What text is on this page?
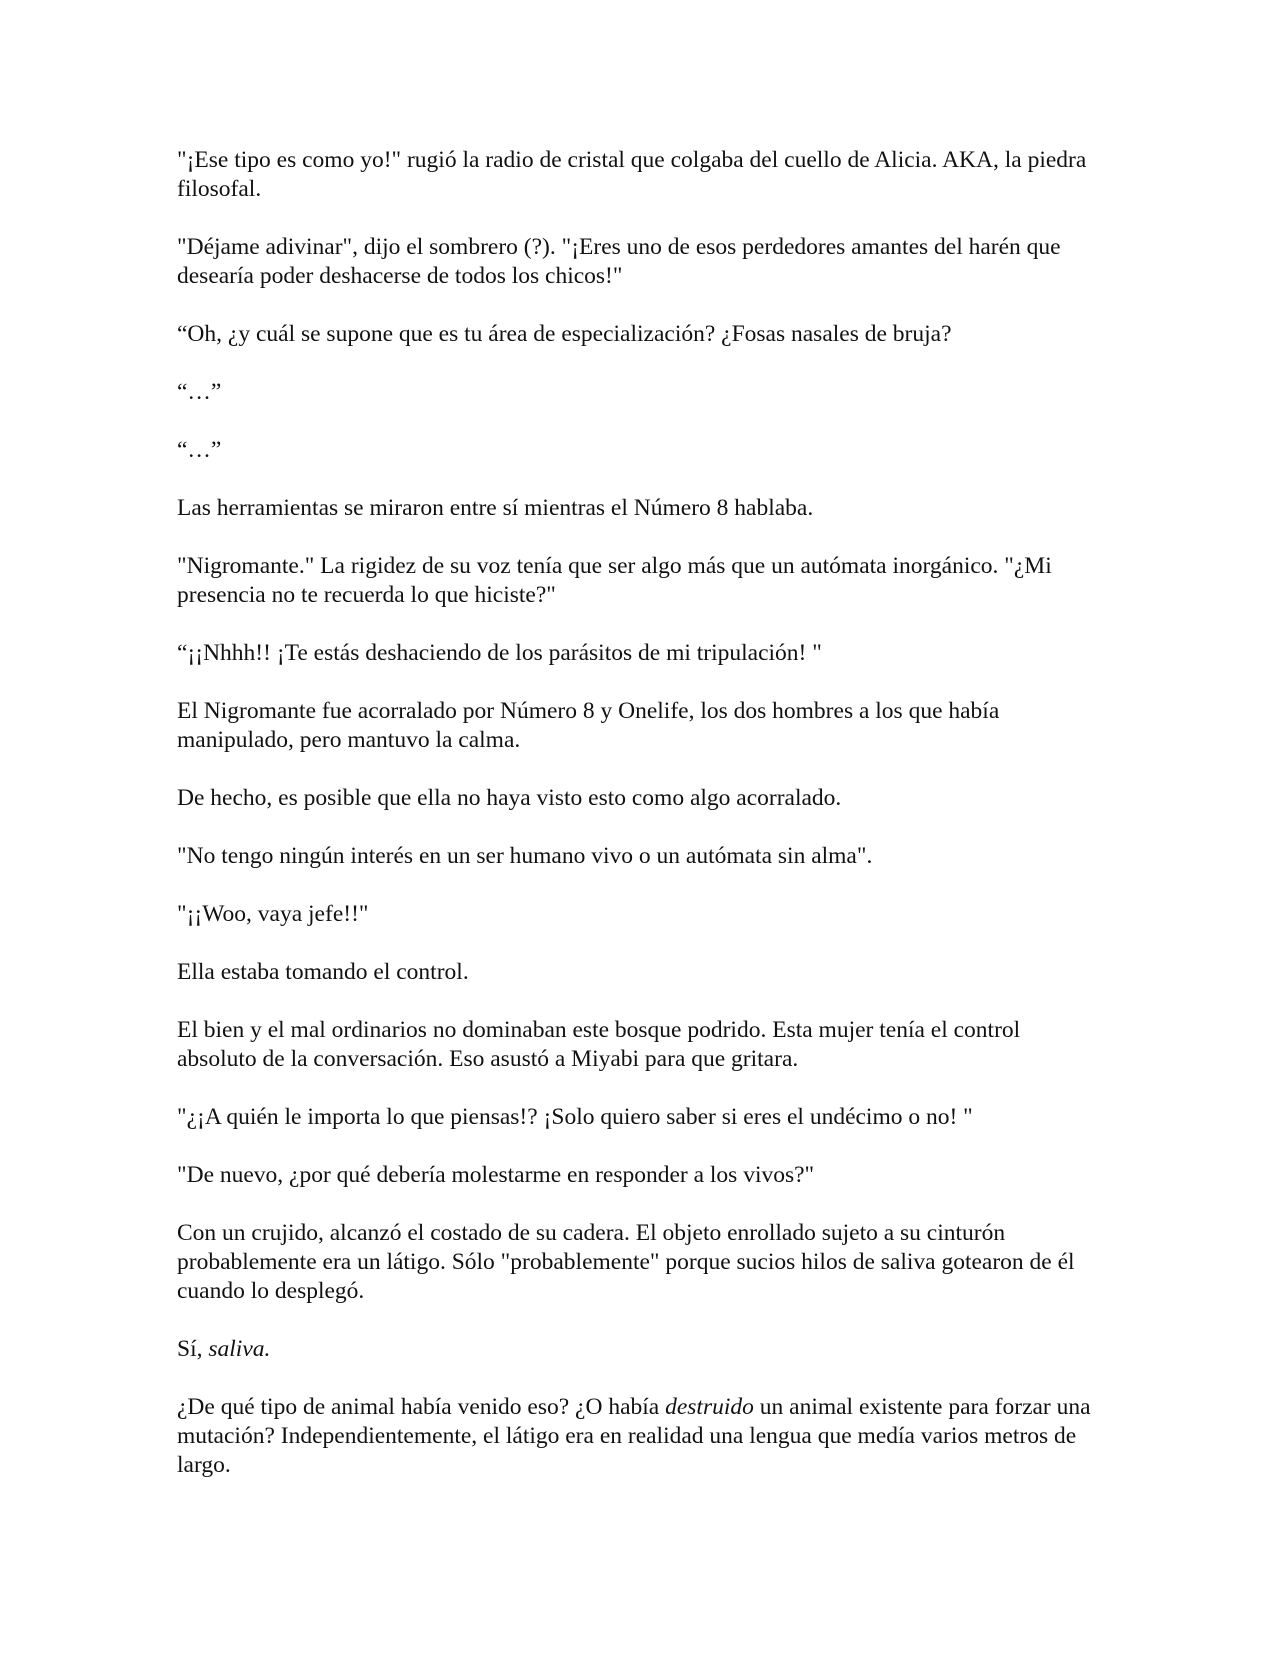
"¡Ese tipo es como yo!" rugió la radio de cristal que colgaba del cuello de Alicia. AKA, la piedra filosofal.

"Déjame adivinar", dijo el sombrero (?). "¡Eres uno de esos perdedores amantes del harén que desearía poder deshacerse de todos los chicos!"

“Oh, ¿y cuál se supone que es tu área de especialización? ¿Fosas nasales de bruja?

“…”

“…”

Las herramientas se miraron entre sí mientras el Número 8 hablaba.

"Nigromante." La rigidez de su voz tenía que ser algo más que un autómata inorgánico. "¿Mi presencia no te recuerda lo que hiciste?"

“¡¡Nhhh!! ¡Te estás deshaciendo de los parásitos de mi tripulación! "

El Nigromante fue acorralado por Número 8 y Onelife, los dos hombres a los que había manipulado, pero mantuvo la calma.

De hecho, es posible que ella no haya visto esto como algo acorralado.

"No tengo ningún interés en un ser humano vivo o un autómata sin alma".

"¡¡Woo, vaya jefe!!"

Ella estaba tomando el control.

El bien y el mal ordinarios no dominaban este bosque podrido. Esta mujer tenía el control absoluto de la conversación. Eso asustó a Miyabi para que gritara.

"¿¡A quién le importa lo que piensas!? ¡Solo quiero saber si eres el undécimo o no! "

"De nuevo, ¿por qué debería molestarme en responder a los vivos?"

Con un crujido, alcanzó el costado de su cadera. El objeto enrollado sujeto a su cinturón probablemente era un látigo. Sólo "probablemente" porque sucios hilos de saliva gotearon de él cuando lo desplegó.

Sí, saliva.

¿De qué tipo de animal había venido eso? ¿O había destruido un animal existente para forzar una mutación? Independientemente, el látigo era en realidad una lengua que medía varios metros de largo.
